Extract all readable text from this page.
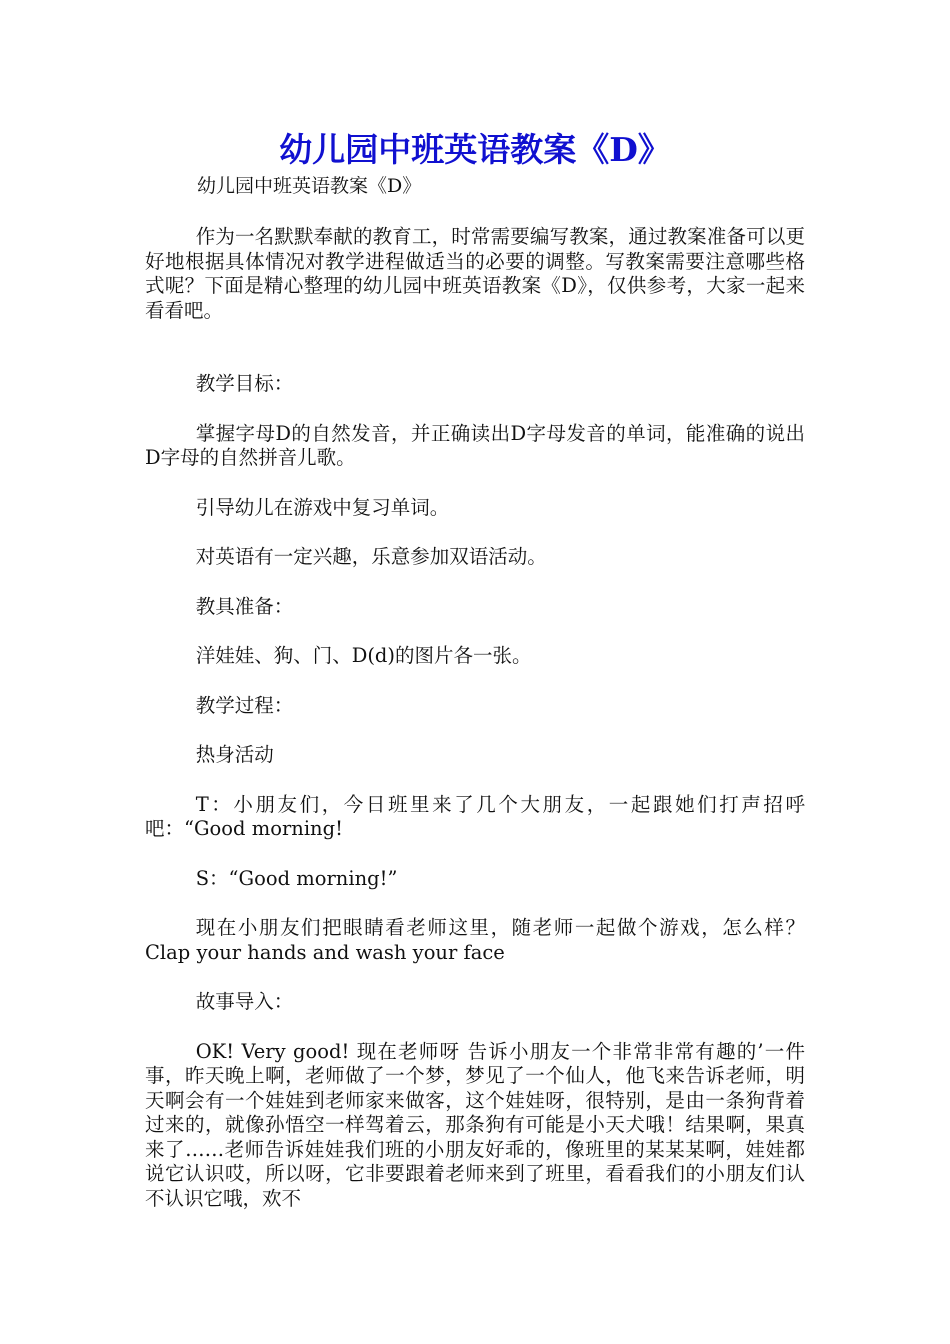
幼儿园中班英语教案《D》
幼儿园中班英语教案《D》

作为一名默默奉献的教育工，时常需要编写教案，通过教案准备可以更好地根据具体情况对教学进程做适当的必要的调整。写教案需要注意哪些格式呢？下面是精心整理的幼儿园中班英语教案《D》，仅供参考，大家一起来看看吧。

教学目标：

掌握字母D的自然发音，并正确读出D字母发音的单词，能准确的说出D字母的自然拼音儿歌。

引导幼儿在游戏中复习单词。

对英语有一定兴趣，乐意参加双语活动。

教具准备：

洋娃娃、狗、门、D(d)的图片各一张。

教学过程：

热身活动

T：小朋友们，今日班里来了几个大朋友，一起跟她们打声招呼吧：“Good morning!

S：“Good morning!”

现在小朋友们把眼睛看老师这里，随老师一起做个游戏，怎么样？ Clap your hands and wash your face

故事导入：

OK! Very good! 现在老师呀 告诉小朋友一个非常非常有趣的’一件事，昨天晚上啊，老师做了一个梦，梦见了一个仙人，他飞来告诉老师，明天啊会有一个娃娃到老师家来做客，这个娃娃呀，很特别，是由一条狗背着过来的，就像孙悟空一样驾着云，那条狗有可能是小天犬哦！结果啊，果真来了……老师告诉娃娃我们班的小朋友好乖的，像班里的某某某啊，娃娃都说它认识哎，所以呀，它非要跟着老师来到了班里，看看我们的小朋友们认不认识它哦，欢不
